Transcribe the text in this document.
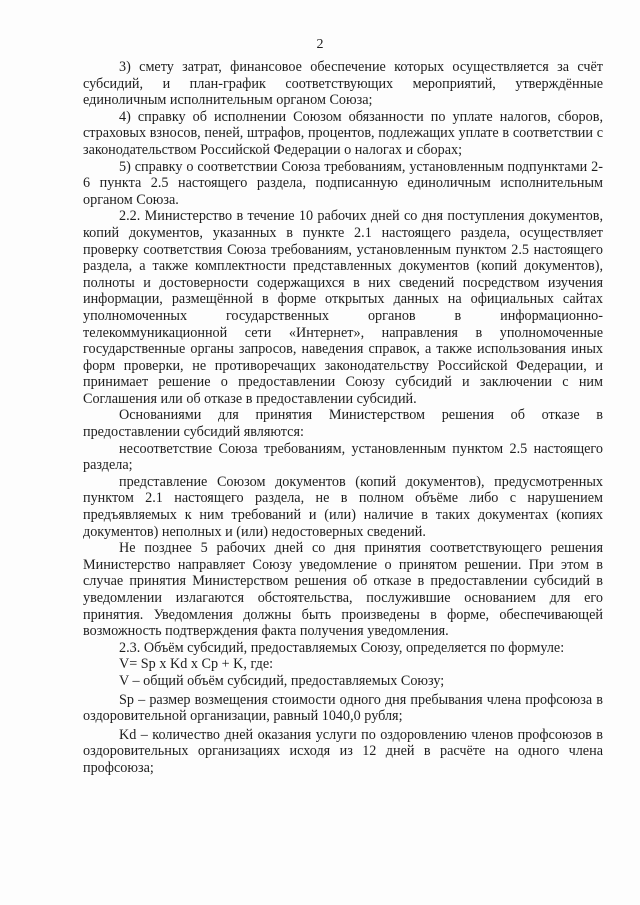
2

3) смету затрат, финансовое обеспечение которых осуществляется за счёт субсидий, и план-график соответствующих мероприятий, утверждённые единоличным исполнительным органом Союза;

4) справку об исполнении Союзом обязанности по уплате налогов, сборов, страховых взносов, пеней, штрафов, процентов, подлежащих уплате в соответствии с законодательством Российской Федерации о налогах и сборах;

5) справку о соответствии Союза требованиям, установленным подпунктами 2-6 пункта 2.5 настоящего раздела, подписанную единоличным исполнительным органом Союза.

2.2. Министерство в течение 10 рабочих дней со дня поступления документов, копий документов, указанных в пункте 2.1 настоящего раздела, осуществляет проверку соответствия Союза требованиям, установленным пунктом 2.5 настоящего раздела, а также комплектности представленных документов (копий документов), полноты и достоверности содержащихся в них сведений посредством изучения информации, размещённой в форме открытых данных на официальных сайтах уполномоченных государственных органов в информационно-телекоммуникационной сети «Интернет», направления в уполномоченные государственные органы запросов, наведения справок, а также использования иных форм проверки, не противоречащих законодательству Российской Федерации, и принимает решение о предоставлении Союзу субсидий и заключении с ним Соглашения или об отказе в предоставлении субсидий.

Основаниями для принятия Министерством решения об отказе в предоставлении субсидий являются:

несоответствие Союза требованиям, установленным пунктом 2.5 настоящего раздела;

представление Союзом документов (копий документов), предусмотренных пунктом 2.1 настоящего раздела, не в полном объёме либо с нарушением предъявляемых к ним требований и (или) наличие в таких документах (копиях документов) неполных и (или) недостоверных сведений.

Не позднее 5 рабочих дней со дня принятия соответствующего решения Министерство направляет Союзу уведомление о принятом решении. При этом в случае принятия Министерством решения об отказе в предоставлении субсидий в уведомлении излагаются обстоятельства, послужившие основанием для его принятия. Уведомления должны быть произведены в форме, обеспечивающей возможность подтверждения факта получения уведомления.

2.3. Объём субсидий, предоставляемых Союзу, определяется по формуле:

V= Sp x Kd x Cp + K, где:

V – общий объём субсидий, предоставляемых Союзу;

Sp – размер возмещения стоимости одного дня пребывания члена профсоюза в оздоровительной организации, равный 1040,0 рубля;

Kd – количество дней оказания услуги по оздоровлению членов профсоюзов в оздоровительных организациях исходя из 12 дней в расчёте на одного члена профсоюза;
